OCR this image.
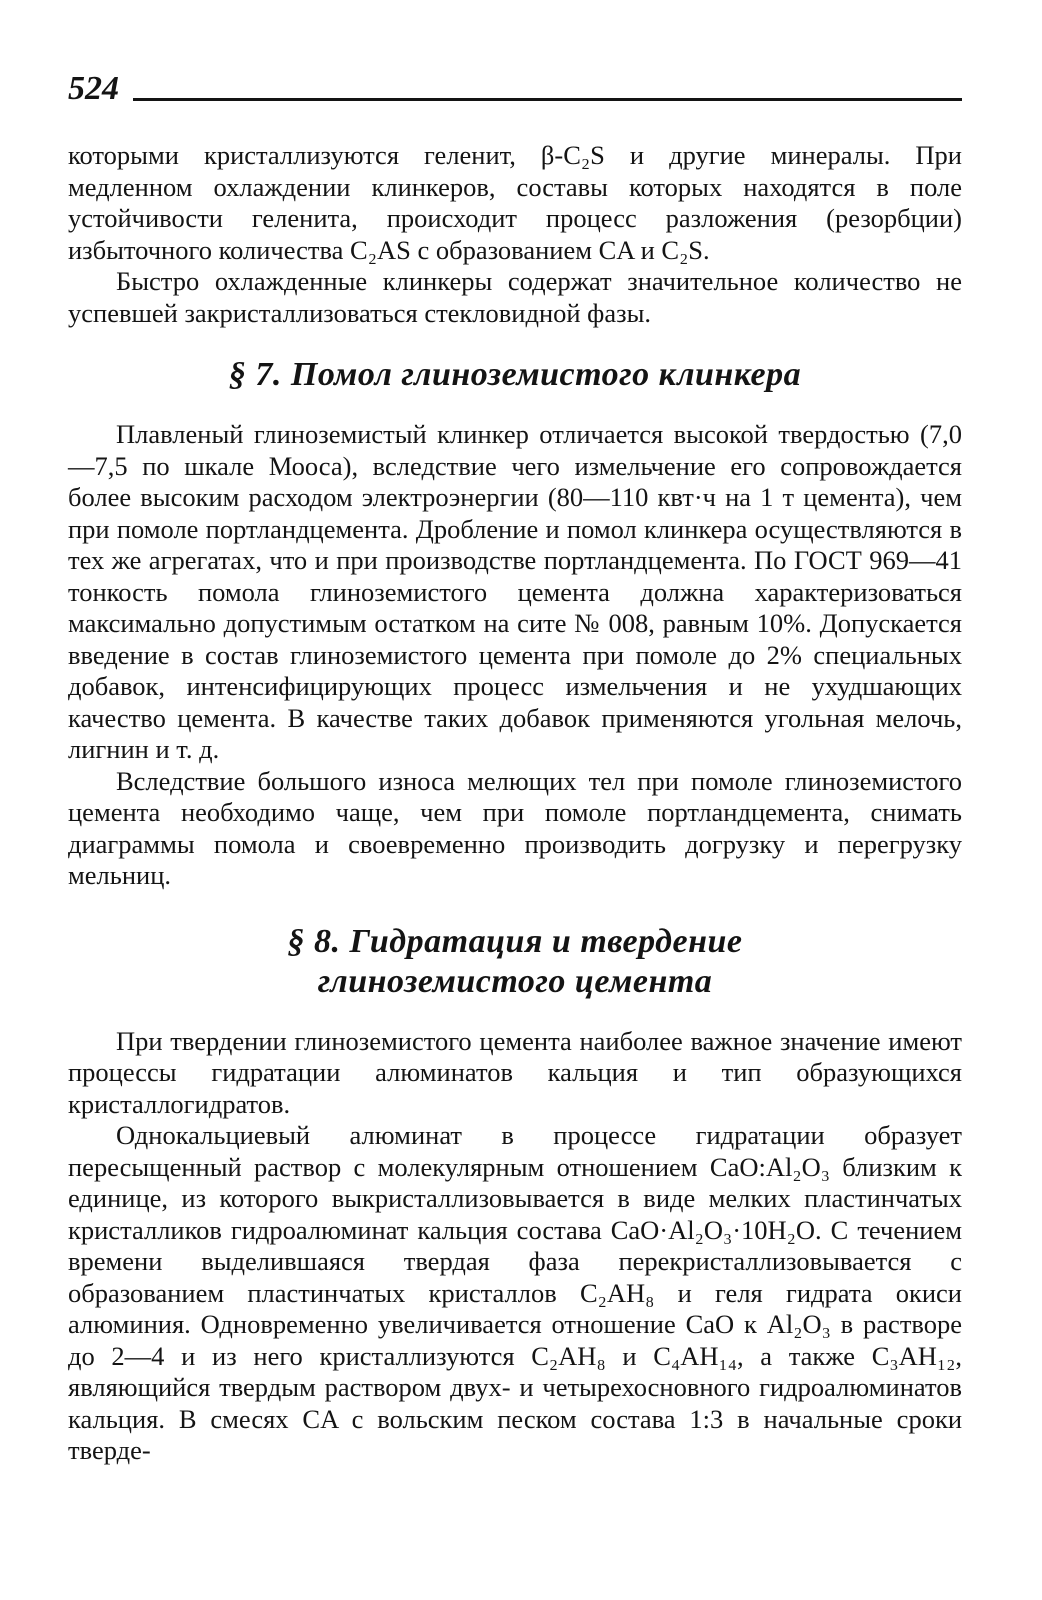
524

которыми кристаллизуются геленит, β-C₂S и другие минералы. При медленном охлаждении клинкеров, составы которых находятся в поле устойчивости геленита, происходит процесс разложения (резорбции) избыточного количества C₂AS с образованием CA и C₂S.

Быстро охлажденные клинкеры содержат значительное количество не успевшей закристаллизоваться стекловидной фазы.

§ 7. Помол глиноземистого клинкера

Плавленый глиноземистый клинкер отличается высокой твердостью (7,0—7,5 по шкале Мооса), вследствие чего измельчение его сопровождается более высоким расходом электроэнергии (80—110 квт·ч на 1 т цемента), чем при помоле портландцемента. Дробление и помол клинкера осуществляются в тех же агрегатах, что и при производстве портландцемента. По ГОСТ 969—41 тонкость помола глиноземистого цемента должна характеризоваться максимально допустимым остатком на сите № 008, равным 10%. Допускается введение в состав глиноземистого цемента при помоле до 2% специальных добавок, интенсифицирующих процесс измельчения и не ухудшающих качество цемента. В качестве таких добавок применяются угольная мелочь, лигнин и т. д.

Вследствие большого износа мелющих тел при помоле глиноземистого цемента необходимо чаще, чем при помоле портландцемента, снимать диаграммы помола и своевременно производить догрузку и перегрузку мельниц.

§ 8. Гидратация и твердение
глиноземистого цемента

При твердении глиноземистого цемента наиболее важное значение имеют процессы гидратации алюминатов кальция и тип образующихся кристаллогидратов.

Однокальциевый алюминат в процессе гидратации образует пересыщенный раствор с молекулярным отношением CaO:Al₂O₃ близким к единице, из которого выкристаллизовывается в виде мелких пластинчатых кристалликов гидроалюминат кальция состава CaO·Al₂O₃·10H₂O. С течением времени выделившаяся твердая фаза перекристаллизовывается с образованием пластинчатых кристаллов C₂AH₈ и геля гидрата окиси алюминия. Одновременно увеличивается отношение CaO к Al₂O₃ в растворе до 2—4 и из него кристаллизуются C₂AH₈ и C₄AH₁₄, а также C₃AH₁₂, являющийся твердым раствором двух- и четырехосновного гидроалюминатов кальция. В смесях CA с вольским песком состава 1:3 в начальные сроки тверде-
